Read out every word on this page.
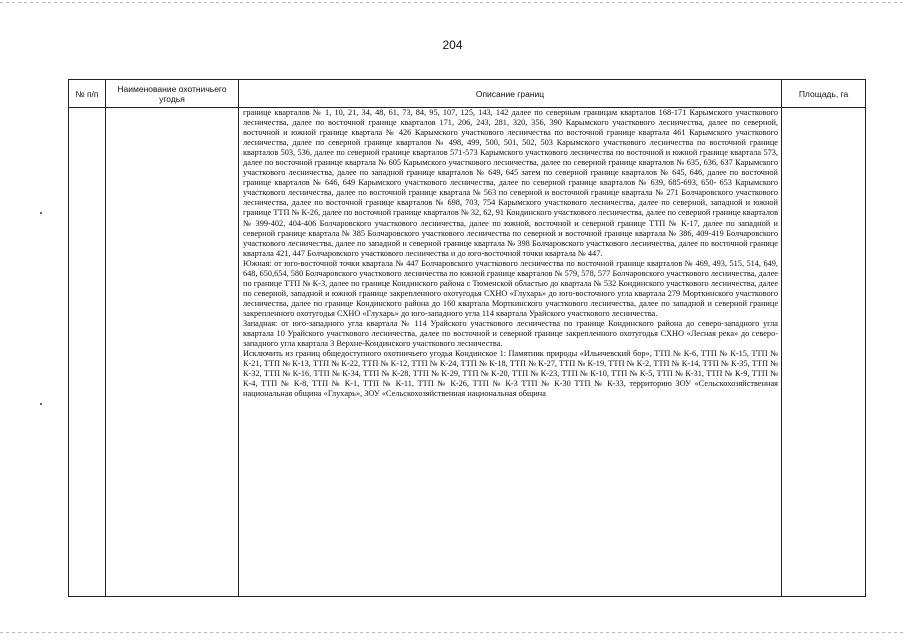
204
№ п/п	Наименование охотничьего угодья	Описание границ	Площадь, га

		границе кварталов № 1, 10, 21, 34, 48, 61, 73, 84, 95, 107, 125, 143, 142 далее по северным границам кварталов 168-171 Карымского участкового лесничества, далее по восточной границе кварталов 171, 206, 243, 281, 320, 356, 390 Карымского участкового лесничества, далее по северной, восточной и южной границе квартала № 426 Карымского участкового лесничества по восточной границе квартала 461 Карымского участкового лесничества, далее по северной границе кварталов № 498, 499, 500, 501, 502, 503 Карымского участкового лесничества по восточной границе кварталов 503, 536, далее по северной границе кварталов 571-573 Карымского участкового лесничества по восточной и южной границе квартала 573, далее по восточной границе квартала № 605 Карымского участкового лесничества, далее по северной границе кварталов № 635, 636, 637 Карымского участкового лесничества, далее по западной границе кварталов № 649, 645 затем по северной границе кварталов № 645, 646, далее по восточной границе кварталов № 646, 649 Карымского участкового лесничества, далее по северной границе кварталов № 639, 685-693, 650- 653 Карымского участкового лесничества, далее по восточной границе квартала № 563 по северной и восточной границе квартала № 271 Болчаровского участкового лесничества, далее по восточной границе кварталов № 698, 703, 754 Карымского участкового лесничества, далее по северной, западной и южной границе ТТП № К-26, далее по восточной границе кварталов № 32, 62, 91 Кондинского участкового лесничества, далее по северной границе кварталов № 399-402, 404-406 Болчаровского участкового лесничества, далее по южной, восточной и северной границе ТТП № К-17, далее по западной и северной границе квартала № 385 Болчаровского участкового лесничества по северной и восточной границе квартала № 386, 409-419 Болчаровского участкового лесничества, далее по западной и северной границе квартала № 398 Болчаровского участкового лесничества, далее по восточной границе квартала 421, 447 Болчаровского участкового лесничества и до юго-восточной точки квартала № 447.

Южная: от юго-восточной точки квартала № 447 Болчаровского участкового лесничества по восточной границе кварталов № 469, 493, 515, 514, 649, 648, 650,654, 580 Болчаровского участкового лесничества по южной границе кварталов № 579, 578, 577 Болчаровского участкового лесничества, далее по границе ТТП № К-3, далее по границе Кондинского района с Тюменской областью до квартала № 532 Кондинского участкового лесничества, далее по северной, западной и южной границе закрепленного охотугодья СХНО «Глухарь» до юго-восточного угла квартала 279 Морткинского участкового лесничества, далее по границе Кондинского района до 160 квартала Морткинского участкового лесничества, далее по западной и северной границе закрепленного охотугодья СХНО «Глухарь» до юго-западного угла 114 квартала Урайского участкового лесничества.

Западная: от юго-западного угла квартала № 114 Урайского участкового лесничества по границе Кондинского района до северо-западного угла квартала 10 Урайского участкового лесничества, далее по восточной и северной границе закрепленного охотугодья СХНО «Лесная река» до северо-западного угла квартала 3 Верхне-Кондинского участкового лесничества.

Исключить из границ общедоступного охотничьего угодья Кондинское 1: Памятник природы «Ильичевский бор», ТТП № К-6, ТТП № К-15, ТТП № К-21, ТТП № К-13, ТТП № К-22, ТТП № К-12, ТТП № К-24, ТТП № К-18, ТТП № К-27, ТТП № К-19, ТТП № К-2, ТТП № К-14, ТТП № К-35, ТТП № К-32, ТТП № К-16, ТТП № К-34, ТТП № К-28, ТТП № К-29, ТТП № К-20, ТТП № К-23, ТТП № К-10, ТТП № К-5, ТТП № К-31, ТТП № К-9, ТТП № К-4, ТТП № К-8, ТТП № К-1, ТТП № К-11, ТТП № К-26, ТТП № К-3 ТТП № К-30 ТТП № К-33, территорию ЗОУ «Сельскохозяйственная национальная община «Глухарь», ЗОУ «Сельскохозяйственная национальная община	
